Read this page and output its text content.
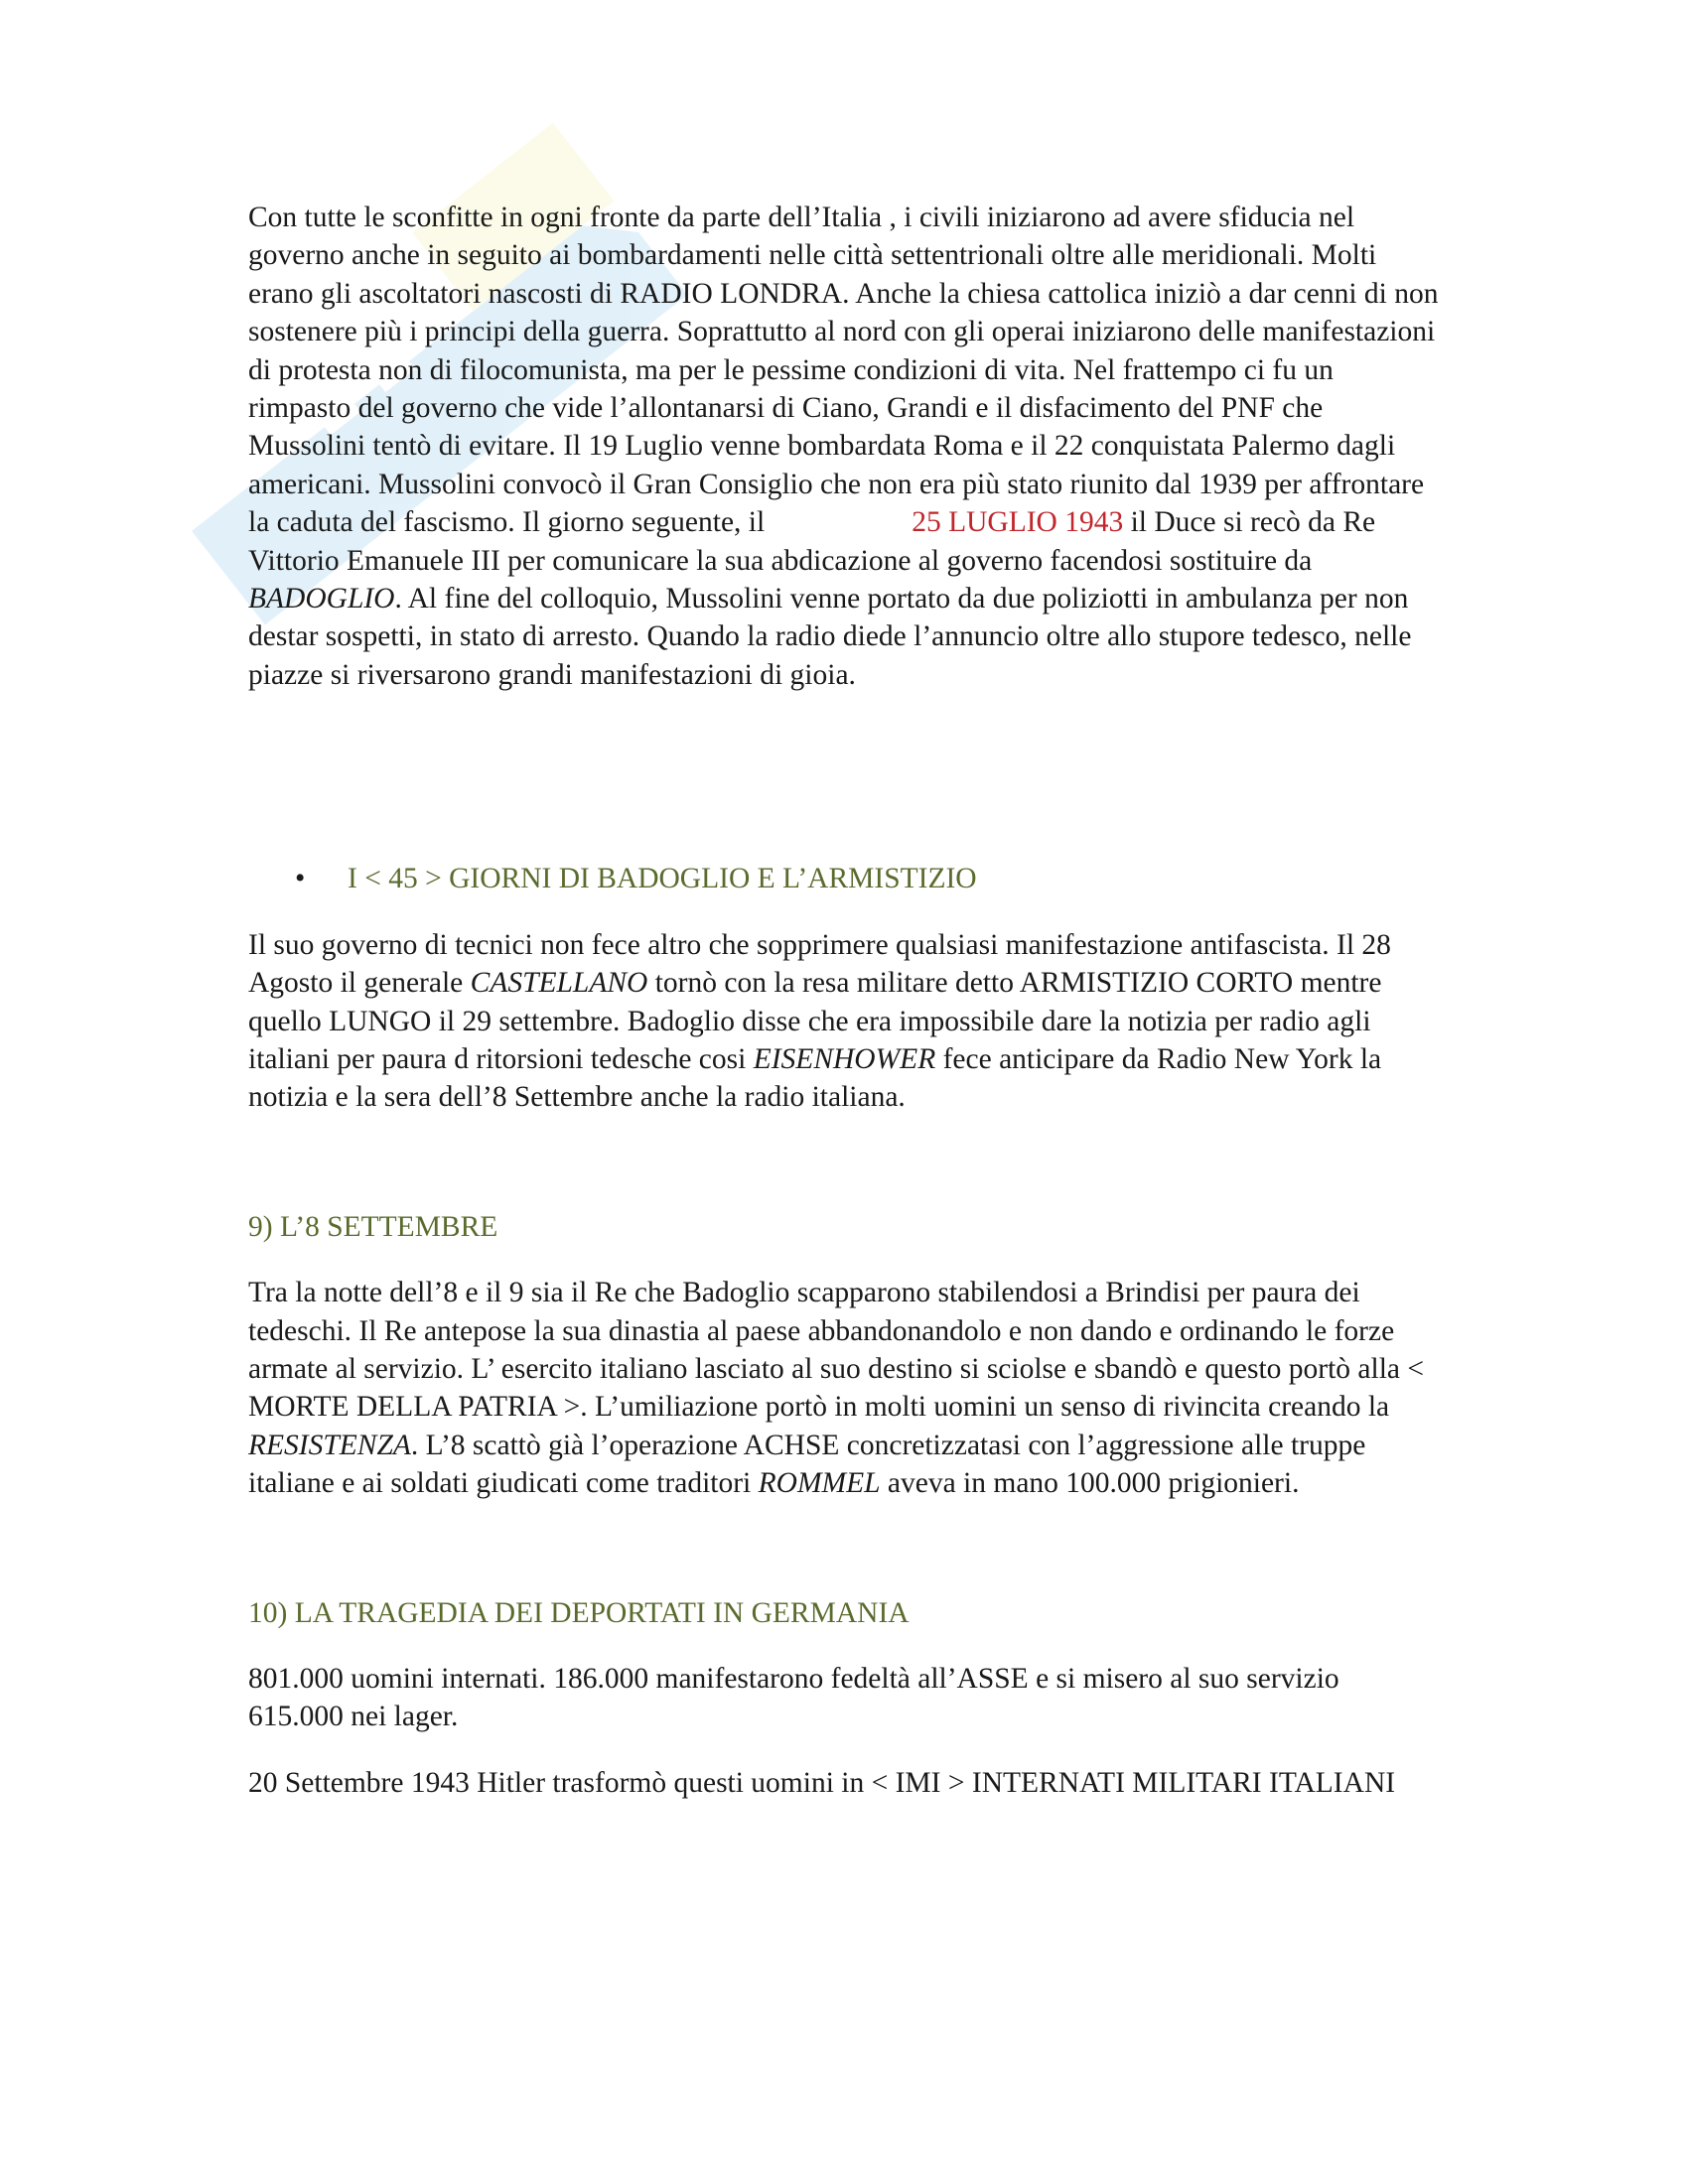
Con tutte le sconfitte in ogni fronte da parte dell’Italia , i civili iniziarono ad avere sfiducia nel governo anche in seguito ai bombardamenti nelle città settentrionali oltre alle meridionali. Molti erano gli ascoltatori nascosti di RADIO LONDRA. Anche la chiesa cattolica iniziò a dar cenni di non sostenere più i principi della guerra. Soprattutto al nord con gli operai iniziarono delle manifestazioni di protesta non di filocomunista, ma per le pessime condizioni di vita. Nel frattempo ci fu un rimpasto del governo che vide l’allontanarsi di Ciano, Grandi e il disfacimento del PNF che Mussolini tentò di evitare. Il 19 Luglio venne bombardata Roma e il 22 conquistata Palermo dagli americani. Mussolini convocò il Gran Consiglio che non era più stato riunito dal 1939 per affrontare la caduta del fascismo. Il giorno seguente, il	25 LUGLIO 1943 il Duce si recò da Re Vittorio Emanuele III per comunicare la sua abdicazione al governo facendosi sostituire da BADOGLIO. Al fine del colloquio, Mussolini venne portato da due poliziotti in ambulanza per non destar sospetti, in stato di arresto. Quando la radio diede l’annuncio oltre allo stupore tedesco, nelle piazze si riversarono grandi manifestazioni di gioia.

• I < 45 > GIORNI DI BADOGLIO E L’ARMISTIZIO

Il suo governo di tecnici non fece altro che sopprimere qualsiasi manifestazione antifascista. Il 28 Agosto il generale CASTELLANO tornò con la resa militare detto ARMISTIZIO CORTO mentre quello LUNGO il 29 settembre. Badoglio disse che era impossibile dare la notizia per radio agli italiani per paura d ritorsioni tedesche cosi EISENHOWER fece anticipare da Radio New York la notizia e la sera dell’8 Settembre anche la radio italiana.

9) L’8 SETTEMBRE

Tra la notte dell’8 e il 9 sia il Re che Badoglio scapparono stabilendosi a Brindisi per paura dei tedeschi. Il Re antepose la sua dinastia al paese abbandonandolo e non dando e ordinando le forze armate al servizio. L’ esercito italiano lasciato al suo destino si sciolse e sbandò e questo portò alla < MORTE DELLA PATRIA >. L’umiliazione portò in molti uomini un senso di rivincita creando la RESISTENZA. L’8 scattò già l’operazione ACHSE concretizzatasi con l’aggressione alle truppe italiane e ai soldati giudicati come traditori ROMMEL aveva in mano 100.000 prigionieri.

10) LA TRAGEDIA DEI DEPORTATI IN GERMANIA

801.000 uomini internati. 186.000 manifestarono fedeltà all’ASSE e si misero al suo servizio 615.000 nei lager.

20 Settembre 1943 Hitler trasformò questi uomini in < IMI > INTERNATI MILITARI ITALIANI
